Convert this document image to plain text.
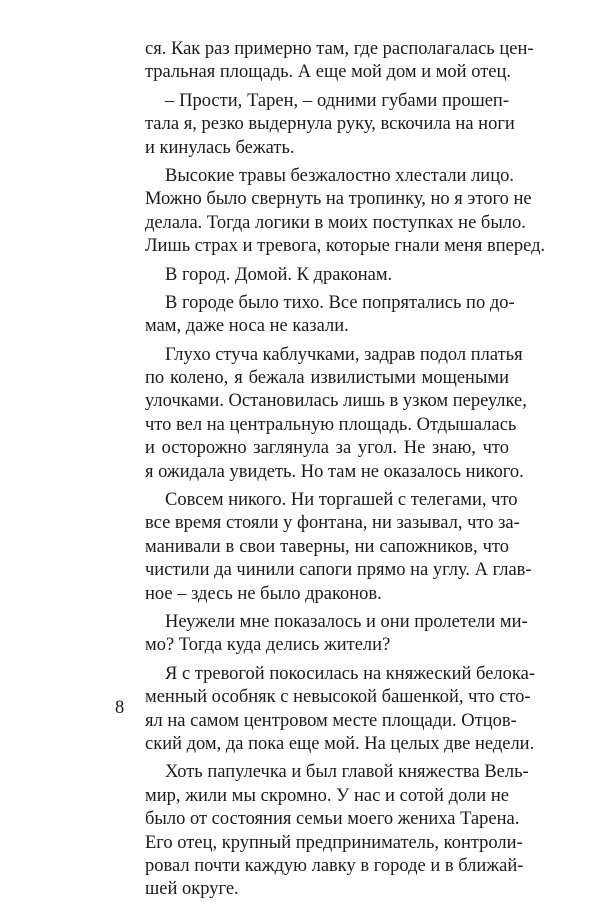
ся. Как раз примерно там, где располагалась цен-
тральная площадь. А еще мой дом и мой отец.
– Прости, Тарен, – одними губами прошеп-
тала я, резко выдернула руку, вскочила на ноги
и кинулась бежать.
Высокие травы безжалостно хлестали лицо.
Можно было свернуть на тропинку, но я этого не
делала. Тогда логики в моих поступках не было.
Лишь страх и тревога, которые гнали меня вперед.
В город. Домой. К драконам.
В городе было тихо. Все попрятались по до-
мам, даже носа не казали.
Глухо стуча каблучками, задрав подол платья
по колено, я бежала извилистыми мощеными
улочками. Остановилась лишь в узком переулке,
что вел на центральную площадь. Отдышалась
и осторожно заглянула за угол. Не знаю, что
я ожидала увидеть. Но там не оказалось никого.
Совсем никого. Ни торгашей с телегами, что
все время стояли у фонтана, ни зазывал, что за-
манивали в свои таверны, ни сапожников, что
чистили да чинили сапоги прямо на углу. А глав-
ное – здесь не было драконов.
Неужели мне показалось и они пролетели ми-
мо? Тогда куда делись жители?
Я с тревогой покосилась на княжеский белока-
менный особняк с невысокой башенкой, что сто-
ял на самом центровом месте площади. Отцов-
ский дом, да пока еще мой. На целых две недели.
Хоть папулечка и был главой княжества Вель-
мир, жили мы скромно. У нас и сотой доли не
было от состояния семьи моего жениха Тарена.
Его отец, крупный предприниматель, контроли-
ровал почти каждую лавку в городе и в ближай-
шей округе.
8
